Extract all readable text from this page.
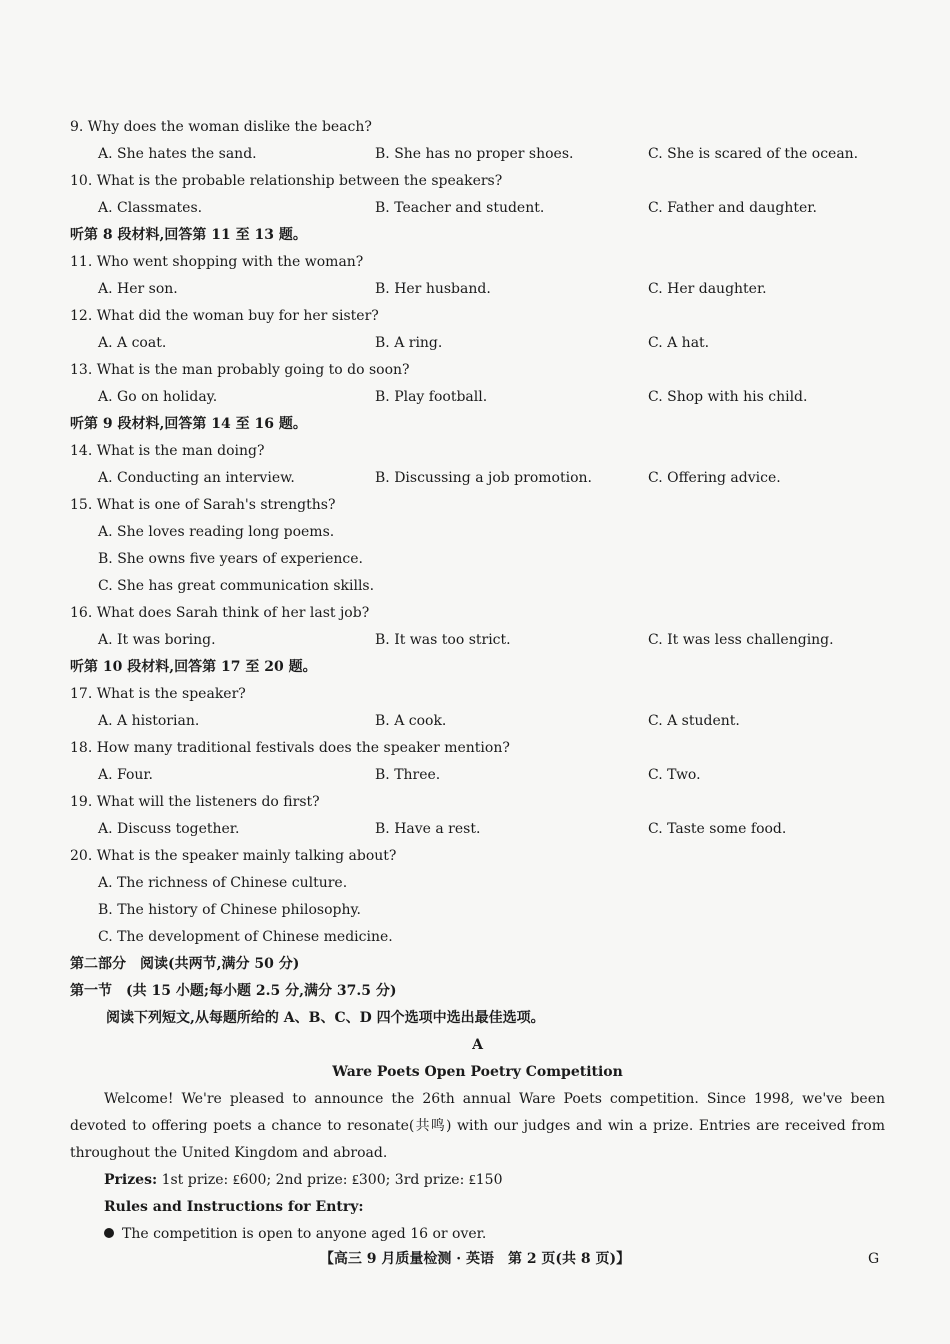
9. Why does the woman dislike the beach?
A. She hates the sand.	B. She has no proper shoes.	C. She is scared of the ocean.
10. What is the probable relationship between the speakers?
A. Classmates.	B. Teacher and student.	C. Father and daughter.
听第 8 段材料,回答第 11 至 13 题。
11. Who went shopping with the woman?
A. Her son.	B. Her husband.	C. Her daughter.
12. What did the woman buy for her sister?
A. A coat.	B. A ring.	C. A hat.
13. What is the man probably going to do soon?
A. Go on holiday.	B. Play football.	C. Shop with his child.
听第 9 段材料,回答第 14 至 16 题。
14. What is the man doing?
A. Conducting an interview.	B. Discussing a job promotion.	C. Offering advice.
15. What is one of Sarah's strengths?
A. She loves reading long poems.
B. She owns five years of experience.
C. She has great communication skills.
16. What does Sarah think of her last job?
A. It was boring.	B. It was too strict.	C. It was less challenging.
听第 10 段材料,回答第 17 至 20 题。
17. What is the speaker?
A. A historian.	B. A cook.	C. A student.
18. How many traditional festivals does the speaker mention?
A. Four.	B. Three.	C. Two.
19. What will the listeners do first?
A. Discuss together.	B. Have a rest.	C. Taste some food.
20. What is the speaker mainly talking about?
A. The richness of Chinese culture.
B. The history of Chinese philosophy.
C. The development of Chinese medicine.
第二部分　阅读(共两节,满分 50 分)
第一节　(共 15 小题;每小题 2.5 分,满分 37.5 分)
阅读下列短文,从每题所给的 A、B、C、D 四个选项中选出最佳选项。
A
Ware Poets Open Poetry Competition
Welcome! We're pleased to announce the 26th annual Ware Poets competition. Since 1998, we've been devoted to offering poets a chance to resonate(共鸣) with our judges and win a prize. Entries are received from throughout the United Kingdom and abroad.
Prizes: 1st prize: ₤600; 2nd prize: ₤300; 3rd prize: ₤150
Rules and Instructions for Entry:
The competition is open to anyone aged 16 or over.
【高三 9 月质量检测 · 英语　第 2 页(共 8 页)】	G
